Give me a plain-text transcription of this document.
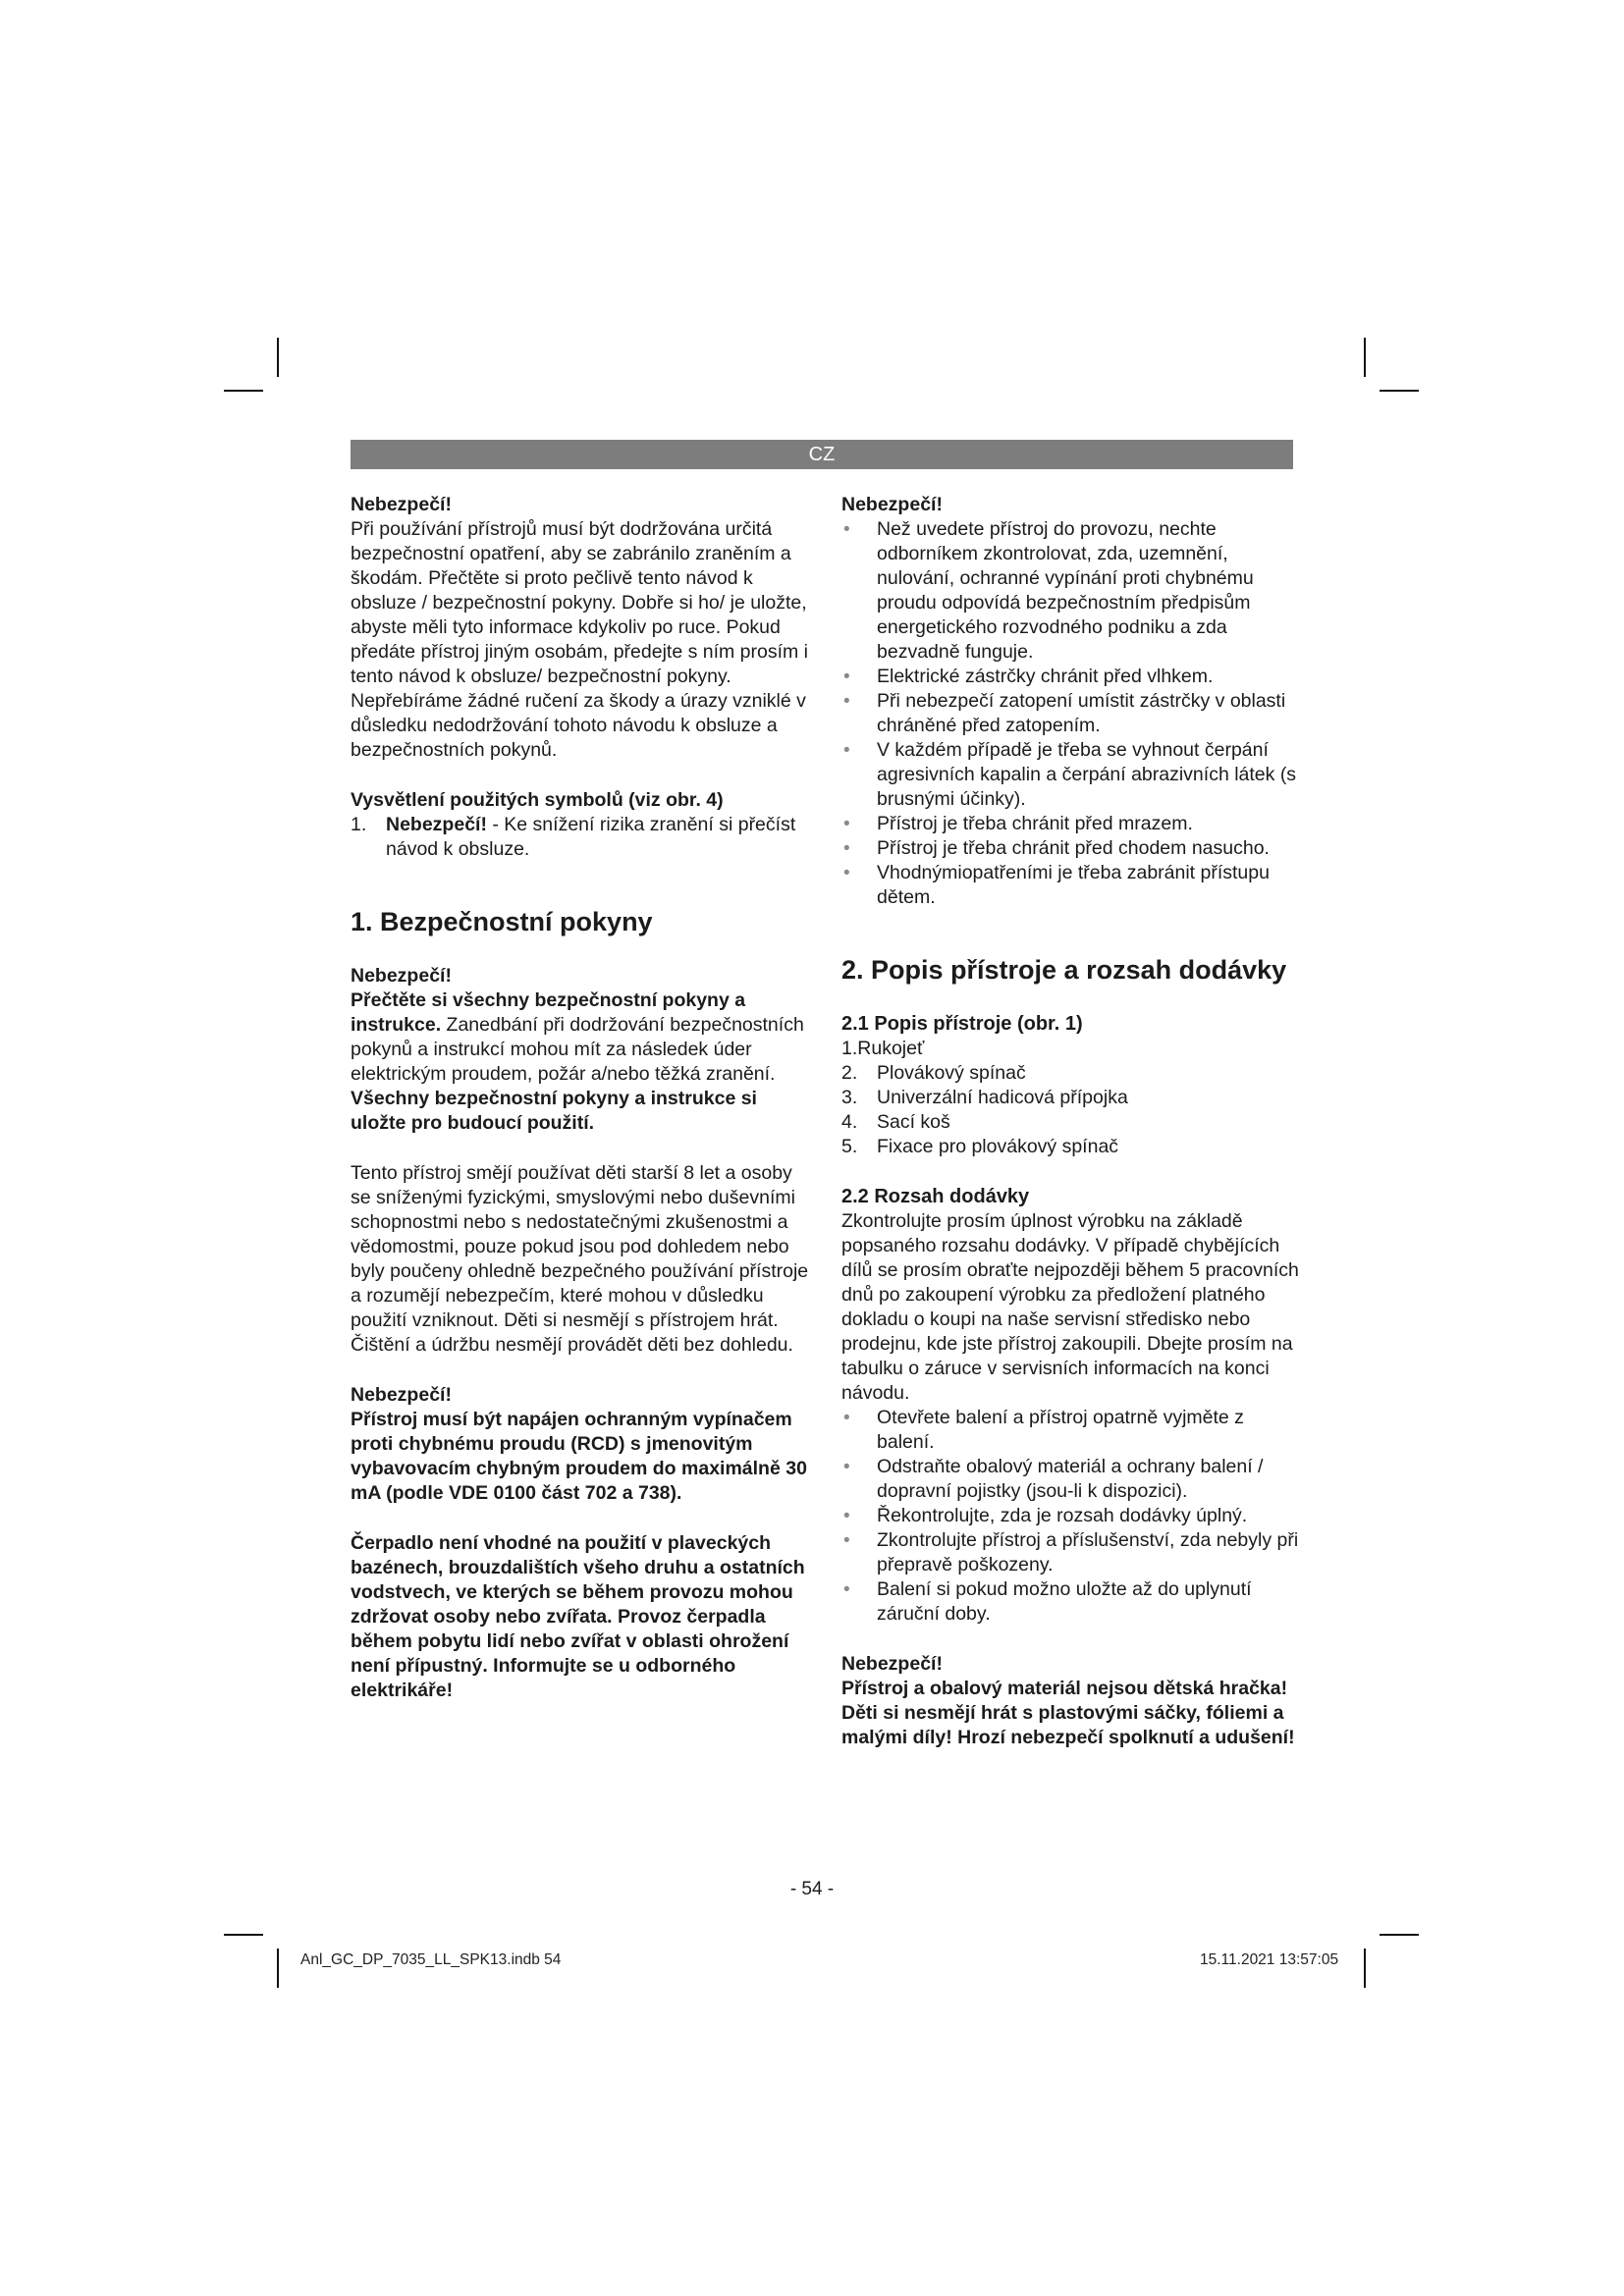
CZ

Nebezpečí!

Při používání přístrojů musí být dodržována určitá bezpečnostní opatření, aby se zabránilo zraněním a škodám. Přečtěte si proto pečlivě tento návod k obsluze / bezpečnostní pokyny. Dobře si ho/ je uložte, abyste měli tyto informace kdykoliv po ruce. Pokud předáte přístroj jiným osobám, předejte s ním prosím i tento návod k obsluze/ bezpečnostní pokyny. Nepřebíráme žádné ručení za škody a úrazy vzniklé v důsledku nedodržování tohoto návodu k obsluze a bezpečnostních pokynů.

Vysvětlení použitých symbolů (viz obr. 4)

1.	Nebezpečí! - Ke snížení rizika zranění si přečíst návod k obsluze.
1. Bezpečnostní pokyny

Nebezpečí!

Přečtěte si všechny bezpečnostní pokyny a instrukce. Zanedbání při dodržování bezpečnostních pokynů a instrukcí mohou mít za následek úder elektrickým proudem, požár a/nebo těžká zranění. Všechny bezpečnostní pokyny a instrukce si uložte pro budoucí použití.

Tento přístroj smějí používat děti starší 8 let a osoby se sníženými fyzickými, smyslovými nebo duševními schopnostmi nebo s nedostatečnými zkušenostmi a vědomostmi, pouze pokud jsou pod dohledem nebo byly poučeny ohledně bezpečného používání přístroje a rozumějí nebezpečím, které mohou v důsledku použití vzniknout. Děti si nesmějí s přístrojem hrát. Čištění a údržbu nesmějí provádět děti bez dohledu.

Nebezpečí!

Přístroj musí být napájen ochranným vypínačem proti chybnému proudu (RCD) s jmenovitým vybavovacím chybným proudem do maximálně 30 mA (podle VDE 0100 část 702 a 738).

Čerpadlo není vhodné na použití v plaveckých bazénech, brouzdalištích všeho druhu a ostatních vodstvech, ve kterých se během provozu mohou zdržovat osoby nebo zvířata. Provoz čerpadla během pobytu lidí nebo zvířat v oblasti ohrožení není přípustný. Informujte se u odborného elektrikáře!

Nebezpečí!

• Než uvedete přístroj do provozu, nechte odborníkem zkontrolovat, zda, uzemnění, nulování, ochranné vypínání proti chybnému proudu odpovídá bezpečnostním předpisům energetického rozvodného podniku a zda bezvadně funguje.
• Elektrické zástrčky chránit před vlhkem.
• Při nebezpečí zatopení umístit zástrčky v oblasti chráněné před zatopením.
• V každém případě je třeba se vyhnout čerpání agresivních kapalin a čerpání abrazivních látek (s brusnými účinky).
• Přístroj je třeba chránit před mrazem.
• Přístroj je třeba chránit před chodem nasucho.
• Vhodnýmiopatřeními je třeba zabránit přístupu dětem.
2. Popis přístroje a rozsah dodávky

2.1 Popis přístroje (obr. 1)

1.Rukojeť
2.	Plovákový spínač
3.	Univerzální hadicová přípojka
4.	Sací koš
5.	Fixace pro plovákový spínač

2.2 Rozsah dodávky

Zkontrolujte prosím úplnost výrobku na základě popsaného rozsahu dodávky. V případě chybějících dílů se prosím obraťte nejpozději během 5 pracovních dnů po zakoupení výrobku za předložení platného dokladu o koupi na naše servisní středisko nebo prodejnu, kde jste přístroj zakoupili. Dbejte prosím na tabulku o záruce v servisních informacích na konci návodu.

• Otevřete balení a přístroj opatrně vyjměte z balení.
• Odstraňte obalový materiál a ochrany balení / dopravní pojistky (jsou-li k dispozici).
• Řekontrolujte, zda je rozsah dodávky úplný.
• Zkontrolujte přístroj a příslušenství, zda nebyly při přepravě poškozeny.
• Balení si pokud možno uložte až do uplynutí záruční doby.

Nebezpečí!

Přístroj a obalový materiál nejsou dětská hračka! Děti si nesmějí hrát s plastovými sáčky, fóliemi a malými díly! Hrozí nebezpečí spolknutí a udušení!

- 54 -
Anl_GC_DP_7035_LL_SPK13.indb 54	15.11.2021 13:57:05
